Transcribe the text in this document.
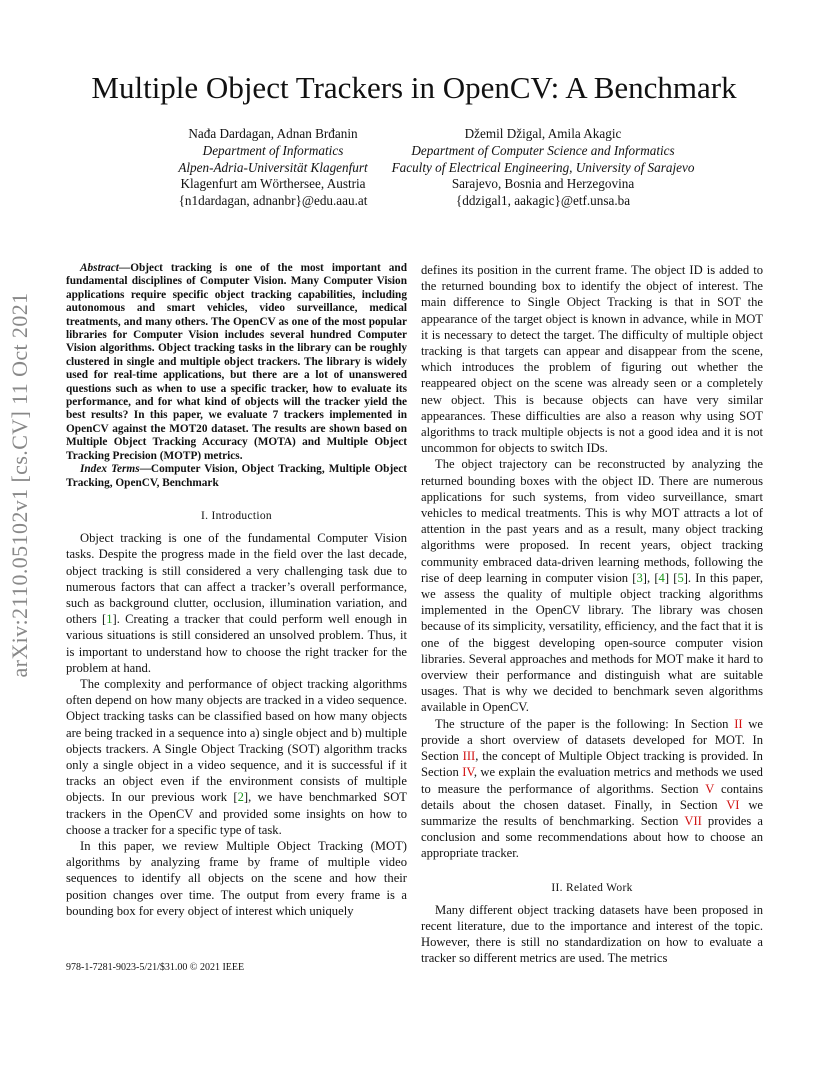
Multiple Object Trackers in OpenCV: A Benchmark
Nađa Dardagan, Adnan Brđanin
Department of Informatics
Alpen-Adria-Universität Klagenfurt
Klagenfurt am Wörthersee, Austria
{n1dardagan, adnanbr}@edu.aau.at
Džemil Džigal, Amila Akagic
Department of Computer Science and Informatics
Faculty of Electrical Engineering, University of Sarajevo
Sarajevo, Bosnia and Herzegovina
{ddzigal1, aakagic}@etf.unsa.ba
arXiv:2110.05102v1 [cs.CV] 11 Oct 2021

Abstract—Object tracking is one of the most important and fundamental disciplines of Computer Vision. Many Computer Vision applications require specific object tracking capabilities, including autonomous and smart vehicles, video surveillance, medical treatments, and many others. The OpenCV as one of the most popular libraries for Computer Vision includes several hundred Computer Vision algorithms. Object tracking tasks in the library can be roughly clustered in single and multiple object trackers. The library is widely used for real-time applications, but there are a lot of unanswered questions such as when to use a specific tracker, how to evaluate its performance, and for what kind of objects will the tracker yield the best results? In this paper, we evaluate 7 trackers implemented in OpenCV against the MOT20 dataset. The results are shown based on Multiple Object Tracking Accuracy (MOTA) and Multiple Object Tracking Precision (MOTP) metrics.

Index Terms—Computer Vision, Object Tracking, Multiple Object Tracking, OpenCV, Benchmark

I. Introduction

Object tracking is one of the fundamental Computer Vision tasks. Despite the progress made in the field over the last decade, object tracking is still considered a very challenging task due to numerous factors that can affect a tracker’s overall performance, such as background clutter, occlusion, illumination variation, and others [1]. Creating a tracker that could perform well enough in various situations is still considered an unsolved problem. Thus, it is important to understand how to choose the right tracker for the problem at hand.

The complexity and performance of object tracking algorithms often depend on how many objects are tracked in a video sequence. Object tracking tasks can be classified based on how many objects are being tracked in a sequence into a) single object and b) multiple objects trackers. A Single Object Tracking (SOT) algorithm tracks only a single object in a video sequence, and it is successful if it tracks an object even if the environment consists of multiple objects. In our previous work [2], we have benchmarked SOT trackers in the OpenCV and provided some insights on how to choose a tracker for a specific type of task.

In this paper, we review Multiple Object Tracking (MOT) algorithms by analyzing frame by frame of multiple video sequences to identify all objects on the scene and how their position changes over time. The output from every frame is a bounding box for every object of interest which uniquely

defines its position in the current frame. The object ID is added to the returned bounding box to identify the object of interest. The main difference to Single Object Tracking is that in SOT the appearance of the target object is known in advance, while in MOT it is necessary to detect the target. The difficulty of multiple object tracking is that targets can appear and disappear from the scene, which introduces the problem of figuring out whether the reappeared object on the scene was already seen or a completely new object. This is because objects can have very similar appearances. These difficulties are also a reason why using SOT algorithms to track multiple objects is not a good idea and it is not uncommon for objects to switch IDs.

The object trajectory can be reconstructed by analyzing the returned bounding boxes with the object ID. There are numerous applications for such systems, from video surveillance, smart vehicles to medical treatments. This is why MOT attracts a lot of attention in the past years and as a result, many object tracking algorithms were proposed. In recent years, object tracking community embraced data-driven learning methods, following the rise of deep learning in computer vision [3], [4] [5]. In this paper, we assess the quality of multiple object tracking algorithms implemented in the OpenCV library. The library was chosen because of its simplicity, versatility, efficiency, and the fact that it is one of the biggest developing open-source computer vision libraries. Several approaches and methods for MOT make it hard to overview their performance and distinguish what are suitable usages. That is why we decided to benchmark seven algorithms available in OpenCV.

The structure of the paper is the following: In Section II we provide a short overview of datasets developed for MOT. In Section III, the concept of Multiple Object tracking is provided. In Section IV, we explain the evaluation metrics and methods we used to measure the performance of algorithms. Section V contains details about the chosen dataset. Finally, in Section VI we summarize the results of benchmarking. Section VII provides a conclusion and some recommendations about how to choose an appropriate tracker.

II. Related Work

Many different object tracking datasets have been proposed in recent literature, due to the importance and interest of the topic. However, there is still no standardization on how to evaluate a tracker so different metrics are used. The metrics

978-1-7281-9023-5/21/$31.00 © 2021 IEEE
